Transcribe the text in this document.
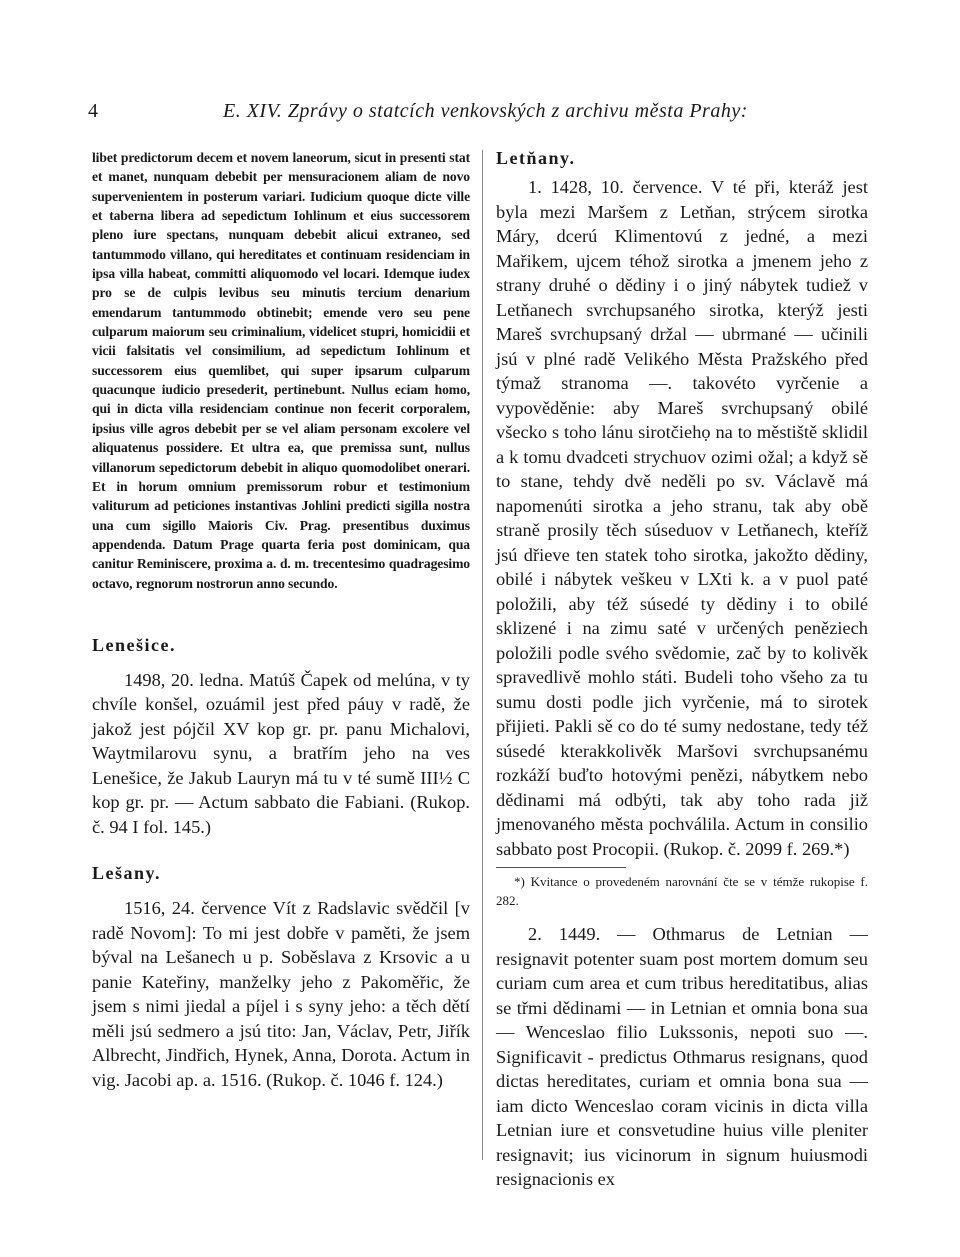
4	E. XIV. Zprávy o statcích venkovských z archivu města Prahy:

libet predictorum decem et novem laneorum, sicut in presenti stat et manet, nunquam debebit per mensuracionem aliam de novo supervenientem in posterum variari. Iudicium quoque dicte ville et taberna libera ad sepedictum Iohlinum et eius successorem pleno iure spectans, nunquam debebit alicui extraneo, sed tantummodo villano, qui hereditates et continuam residenciam in ipsa villa habeat, committi aliquomodo vel locari. Idemque iudex pro se de culpis levibus seu minutis tercium denarium emendarum tantummodo obtinebit; emende vero seu pene culparum maiorum seu criminalium, videlicet stupri, homicidii et vicii falsitatis vel consimilium, ad sepedictum Iohlinum et successorem eius quemlibet, qui super ipsarum culparum quacunque iudicio presederit, pertinebunt. Nullus eciam homo, qui in dicta villa residenciam continue non fecerit corporalem, ipsius ville agros debebit per se vel aliam personam excolere vel aliquatenus possidere. Et ultra ea, que premissa sunt, nullus villanorum sepedictorum debebit in aliquo quomodolibet onerari. Et in horum omnium premissorum robur et testimonium valiturum ad peticiones instantivas Johlini predicti sigilla nostra una cum sigillo Maioris Civ. Prag. presentibus duximus appendenda. Datum Prage quarta feria post dominicam, qua canitur Reminiscere, proxima a. d. m. trecentesimo quadragesimo octavo, regnorum nostrorun anno secundo.

Lenešice.

1498, 20. ledna. Matúš Čapek od melúna, v ty chvíle konšel, ozuámil jest před páuy v radě, že jakož jest pójčil XV kop gr. pr. panu Michalovi, Waytmilarovu synu, a bratřím jeho na ves Lenešice, že Jakub Lauryn má tu v té sumě III½ C kop gr. pr. — Actum sabbato die Fabiani. (Rukop. č. 94 I fol. 145.)

Lešany.

1516, 24. července Vít z Radslavic svědčil [v radě Novom]: To mi jest dobře v paměti, že jsem býval na Lešanech u p. Soběslava z Krsovic a u panie Kateřiny, manželky jeho z Pakoměřic, že jsem s nimi jiedal a píjel i s syny jeho: a těch dětí měli jsú sedmero a jsú tito: Jan, Václav, Petr, Jiřík Albrecht, Jindřich, Hynek, Anna, Dorota. Actum in vig. Jacobi ap. a. 1516. (Rukop. č. 1046 f. 124.)

Letňany.

1. 1428, 10. července. V té při, kteráž jest byla mezi Maršem z Letňan, strýcem sirotka Máry, dcerú Klimentovú z jedné, a mezi Mařikem, ujcem téhož sirotka a jmenem jeho z strany druhé o dědiny i o jiný nábytek tudiež v Letňanech svrchupsaného sirotka, kterýž jesti Mareš svrchupsaný držal — ubrmané — učinili jsú v plné radě Velikého Města Pražského před týmaž stranoma —. takovéto vyrčenie a vypověděnie: aby Mareš svrchupsaný obilé všecko s toho lánu sirotčiehọ na to městiště sklidil a k tomu dvadceti strychuov ozimi ožal; a když sě to stane, tehdy dvě neděli po sv. Václavě má napomenúti sirotka a jeho stranu, tak aby obě straně prosily těch súseduov v Letňanech, kteříž jsú dřieve ten statek toho sirotka, jakožto dědiny, obilé i nábytek veškeu v LXti k. a v puol paté položili, aby též súsedé ty dědiny i to obilé sklizené i na zimu saté v určených peněziech položili podle svého svědomie, zač by to kolivěk spravedlivě mohlo státi. Budeli toho všeho za tu sumu dosti podle jich vyrčenie, má to sirotek přijieti. Pakli sě co do té sumy nedostane, tedy též súsedé kterakkolivěk Maršovi svrchupsanému rozkáží buďto hotovými penězi, nábytkem nebo dědinami má odbýti, tak aby toho rada již jmenovaného města pochválila. Actum in consilio sabbato post Procopii. (Rukop. č. 2099 f. 269.*)

*) Kvitance o provedeném narovnání čte se v témže rukopise f. 282.

2. 1449. — Othmarus de Letnian — resignavit potenter suam post mortem domum seu curiam cum area et cum tribus hereditatibus, alias se třmi dědinami — in Letnian et omnia bona sua — Wenceslao filio Lukssonis, nepoti suo —. Significavit - predictus Othmarus resignans, quod dictas hereditates, curiam et omnia bona sua — iam dicto Wenceslao coram vicinis in dicta villa Letnian iure et consvetudine huius ville pleniter resignavit; ius vicinorum in signum huiusmodi resignacionis ex
